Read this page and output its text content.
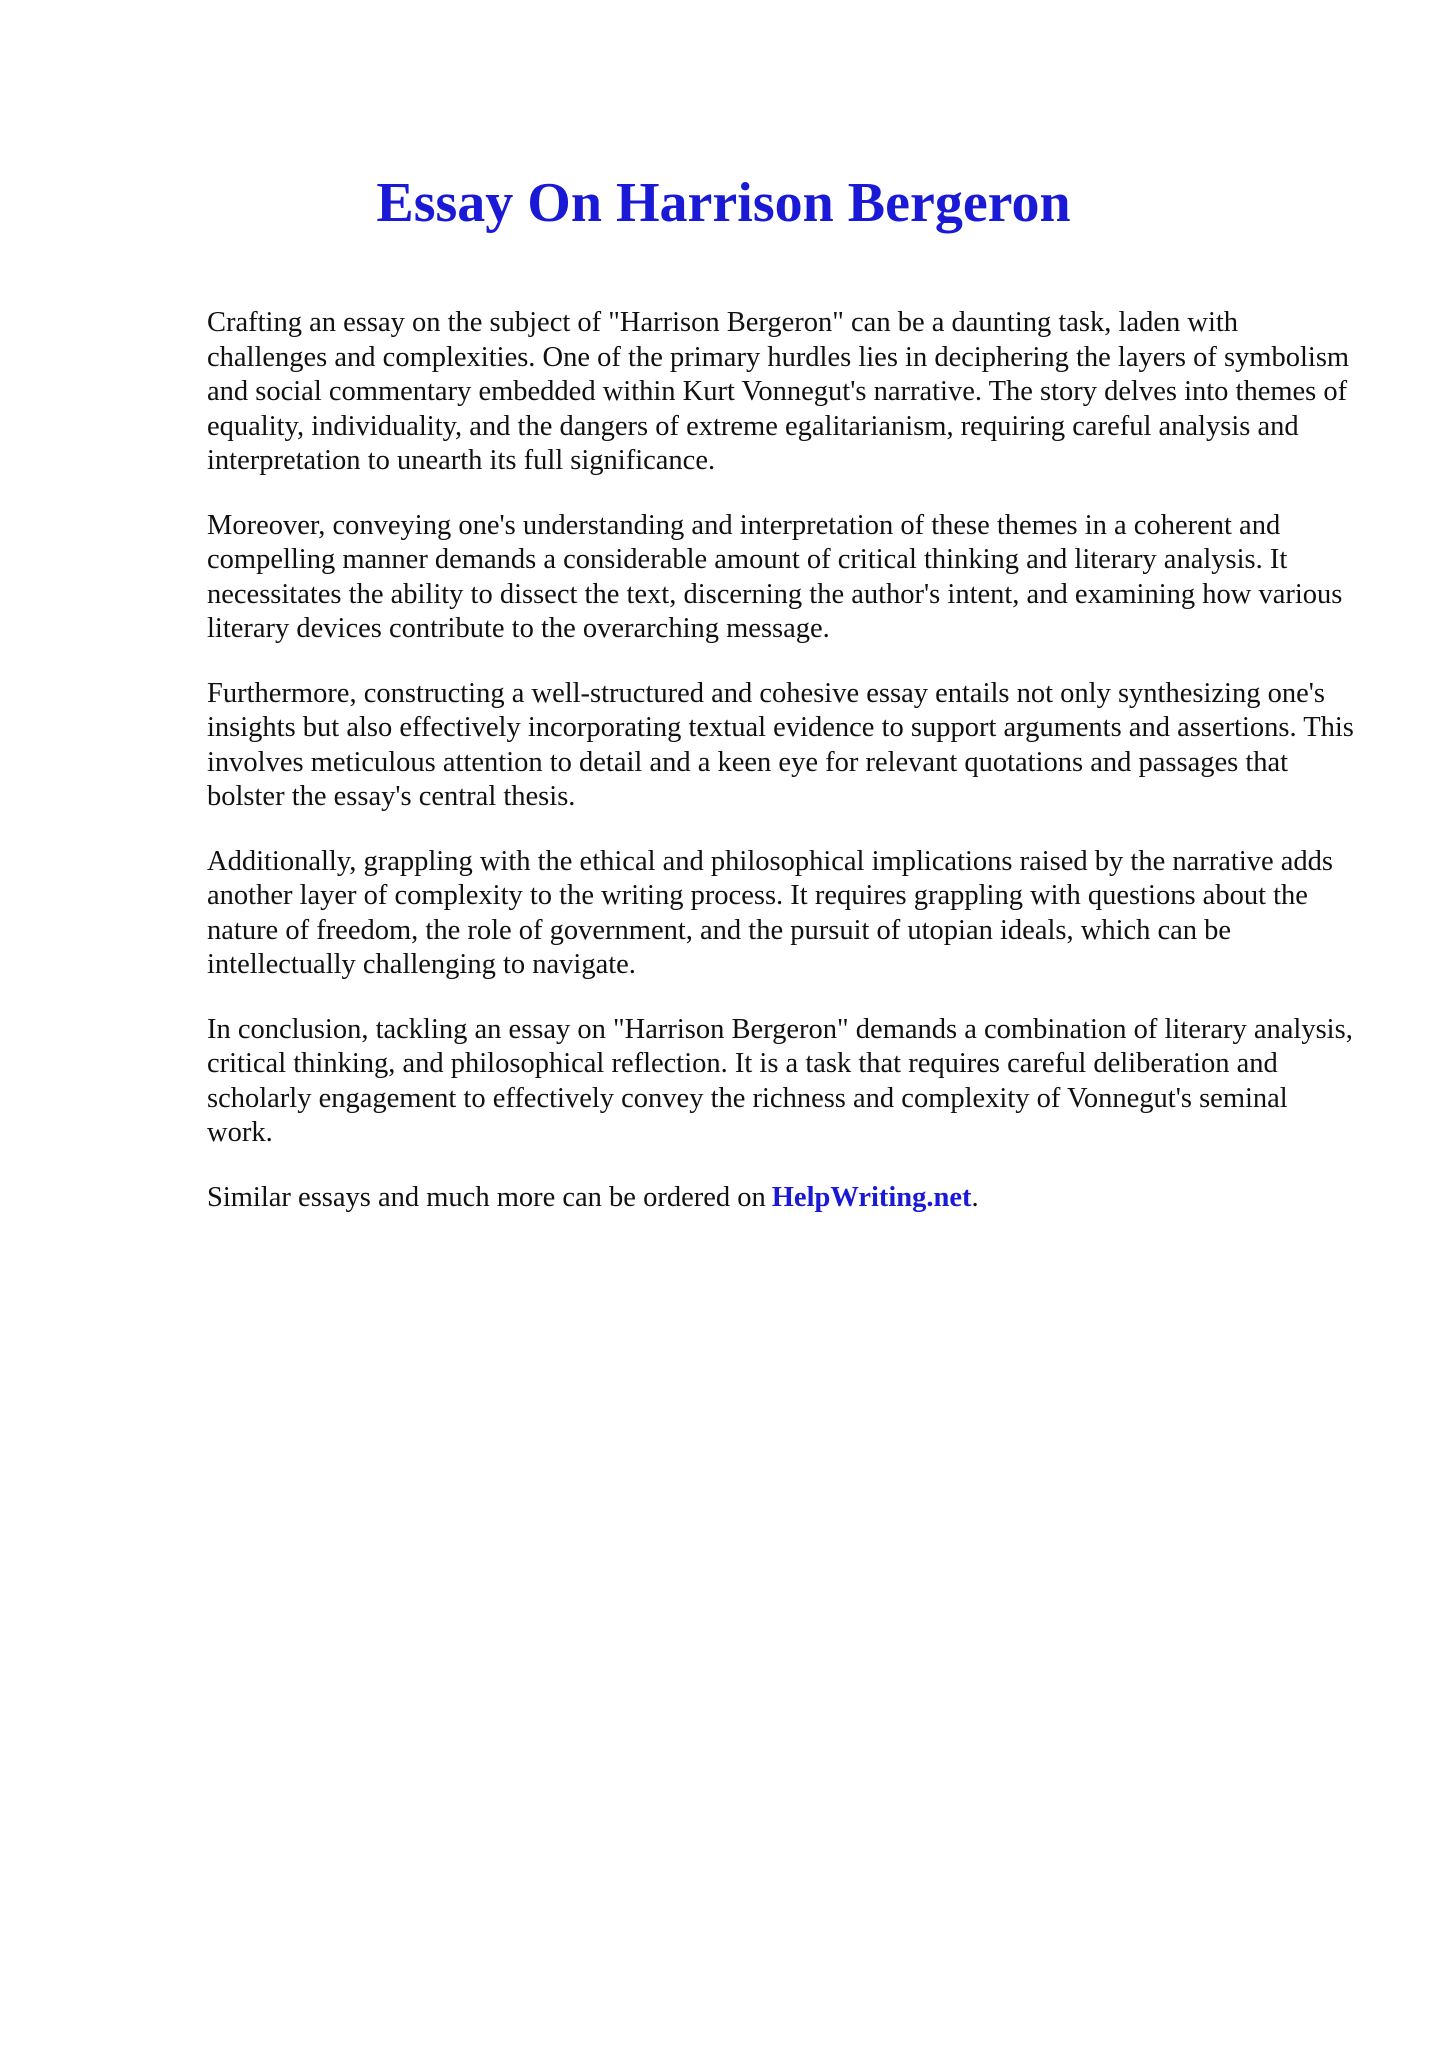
Essay On Harrison Bergeron

Crafting an essay on the subject of "Harrison Bergeron" can be a daunting task, laden with challenges and complexities. One of the primary hurdles lies in deciphering the layers of symbolism and social commentary embedded within Kurt Vonnegut's narrative. The story delves into themes of equality, individuality, and the dangers of extreme egalitarianism, requiring careful analysis and interpretation to unearth its full significance.

Moreover, conveying one's understanding and interpretation of these themes in a coherent and compelling manner demands a considerable amount of critical thinking and literary analysis. It necessitates the ability to dissect the text, discerning the author's intent, and examining how various literary devices contribute to the overarching message.

Furthermore, constructing a well-structured and cohesive essay entails not only synthesizing one's insights but also effectively incorporating textual evidence to support arguments and assertions. This involves meticulous attention to detail and a keen eye for relevant quotations and passages that bolster the essay's central thesis.

Additionally, grappling with the ethical and philosophical implications raised by the narrative adds another layer of complexity to the writing process. It requires grappling with questions about the nature of freedom, the role of government, and the pursuit of utopian ideals, which can be intellectually challenging to navigate.

In conclusion, tackling an essay on "Harrison Bergeron" demands a combination of literary analysis, critical thinking, and philosophical reflection. It is a task that requires careful deliberation and scholarly engagement to effectively convey the richness and complexity of Vonnegut's seminal work.

Similar essays and much more can be ordered on HelpWriting.net.
